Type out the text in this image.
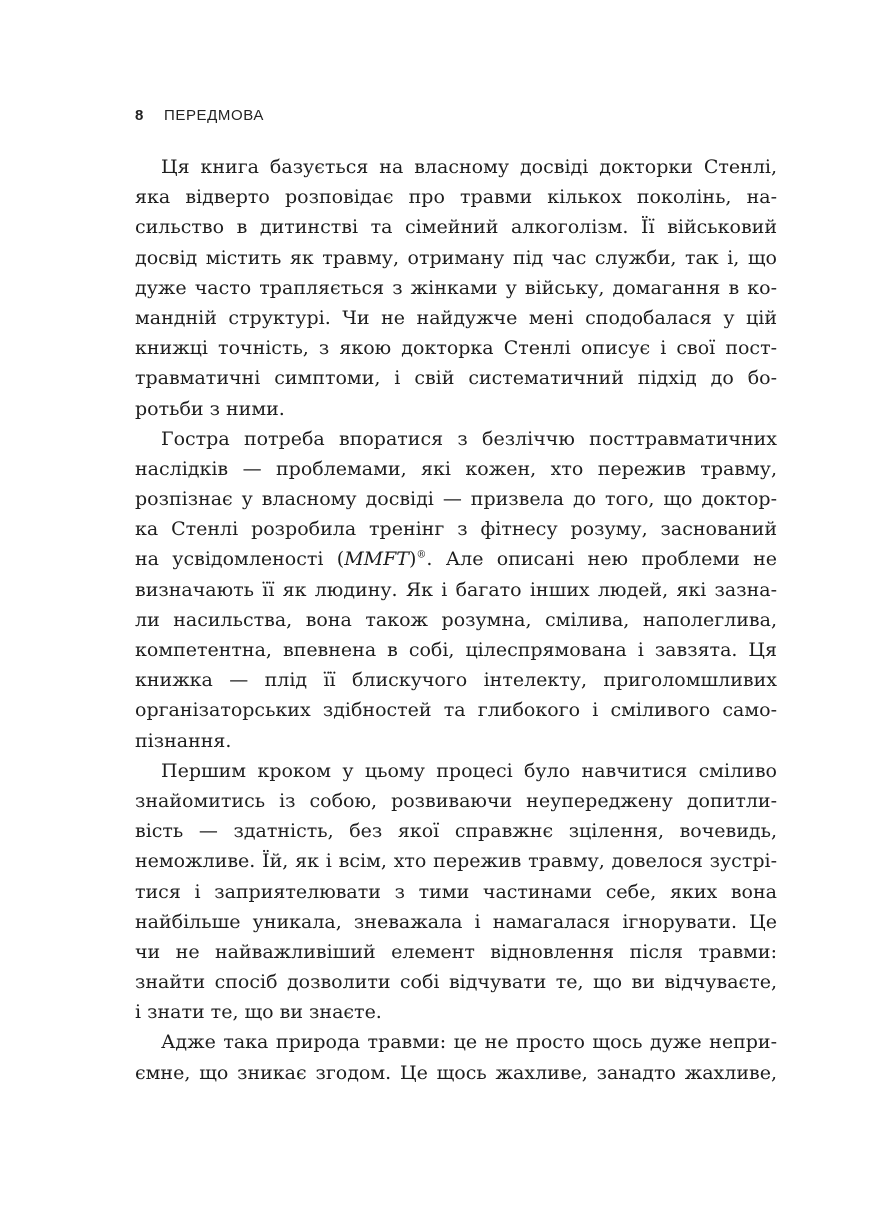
8 ПЕРЕДМОВА
Ця книга базується на власному досвіді докторки Стенлі,
яка відверто розповідає про травми кількох поколінь, на-
сильство в дитинстві та сімейний алкоголізм. Її військовий
досвід містить як травму, отриману під час служби, так і, що
дуже часто трапляється з жінками у війську, домагання в ко-
мандній структурі. Чи не найдужче мені сподобалася у цій
книжці точність, з якою докторка Стенлі описує і свої пост-
травматичні симптоми, і свій систематичний підхід до бо-
ротьби з ними.
Гостра потреба впоратися з безліччю посттравматичних
наслідків — проблемами, які кожен, хто пережив травму,
розпізнає у власному досвіді — призвела до того, що доктор-
ка Стенлі розробила тренінг з фітнесу розуму, заснований
на усвідомленості (MMFT)®. Але описані нею проблеми не
визначають її як людину. Як і багато інших людей, які зазна-
ли насильства, вона також розумна, смілива, наполеглива,
компетентна, впевнена в собі, цілеспрямована і завзята. Ця
книжка — плід її блискучого інтелекту, приголомшливих
організаторських здібностей та глибокого і сміливого само-
пізнання.
Першим кроком у цьому процесі було навчитися сміливо
знайомитись із собою, розвиваючи неупереджену допитли-
вість — здатність, без якої справжнє зцілення, вочевидь,
неможливе. Їй, як і всім, хто пережив травму, довелося зустрі-
тися і заприятелювати з тими частинами себе, яких вона
найбільше уникала, зневажала і намагалася ігнорувати. Це
чи не найважливіший елемент відновлення після травми:
знайти спосіб дозволити собі відчувати те, що ви відчуваєте,
і знати те, що ви знаєте.
Адже така природа травми: це не просто щось дуже непри-
ємне, що зникає згодом. Це щось жахливе, занадто жахливе,
